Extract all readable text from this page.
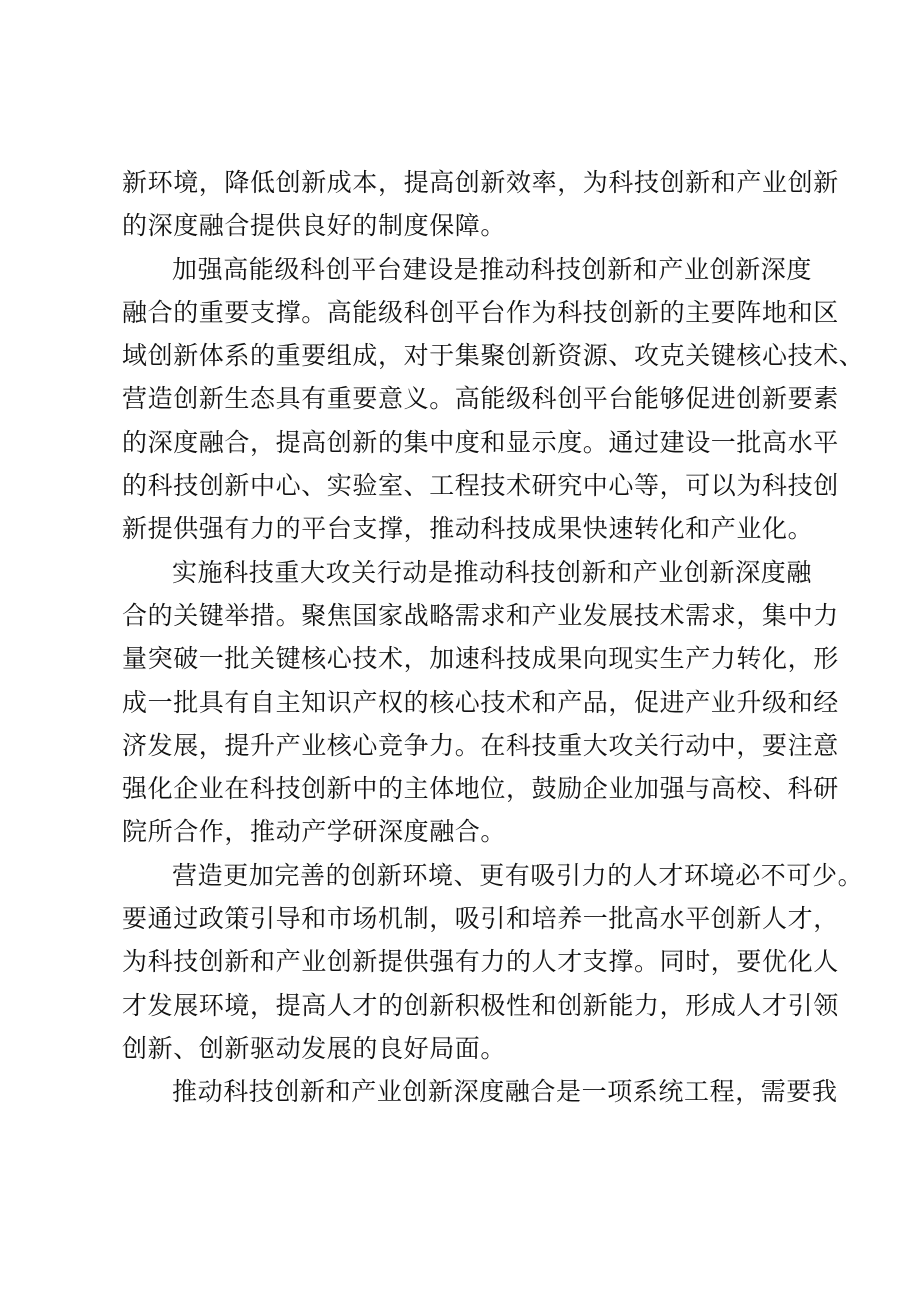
新环境，降低创新成本，提高创新效率，为科技创新和产业创新
的深度融合提供良好的制度保障。
加强高能级科创平台建设是推动科技创新和产业创新深度
融合的重要支撑。高能级科创平台作为科技创新的主要阵地和区
域创新体系的重要组成，对于集聚创新资源、攻克关键核心技术、
营造创新生态具有重要意义。高能级科创平台能够促进创新要素
的深度融合，提高创新的集中度和显示度。通过建设一批高水平
的科技创新中心、实验室、工程技术研究中心等，可以为科技创
新提供强有力的平台支撑，推动科技成果快速转化和产业化。
实施科技重大攻关行动是推动科技创新和产业创新深度融
合的关键举措。聚焦国家战略需求和产业发展技术需求，集中力
量突破一批关键核心技术，加速科技成果向现实生产力转化，形
成一批具有自主知识产权的核心技术和产品，促进产业升级和经
济发展，提升产业核心竞争力。在科技重大攻关行动中，要注意
强化企业在科技创新中的主体地位，鼓励企业加强与高校、科研
院所合作，推动产学研深度融合。
营造更加完善的创新环境、更有吸引力的人才环境必不可少。
要通过政策引导和市场机制，吸引和培养一批高水平创新人才，
为科技创新和产业创新提供强有力的人才支撑。同时，要优化人
才发展环境，提高人才的创新积极性和创新能力，形成人才引领
创新、创新驱动发展的良好局面。
推动科技创新和产业创新深度融合是一项系统工程，需要我
